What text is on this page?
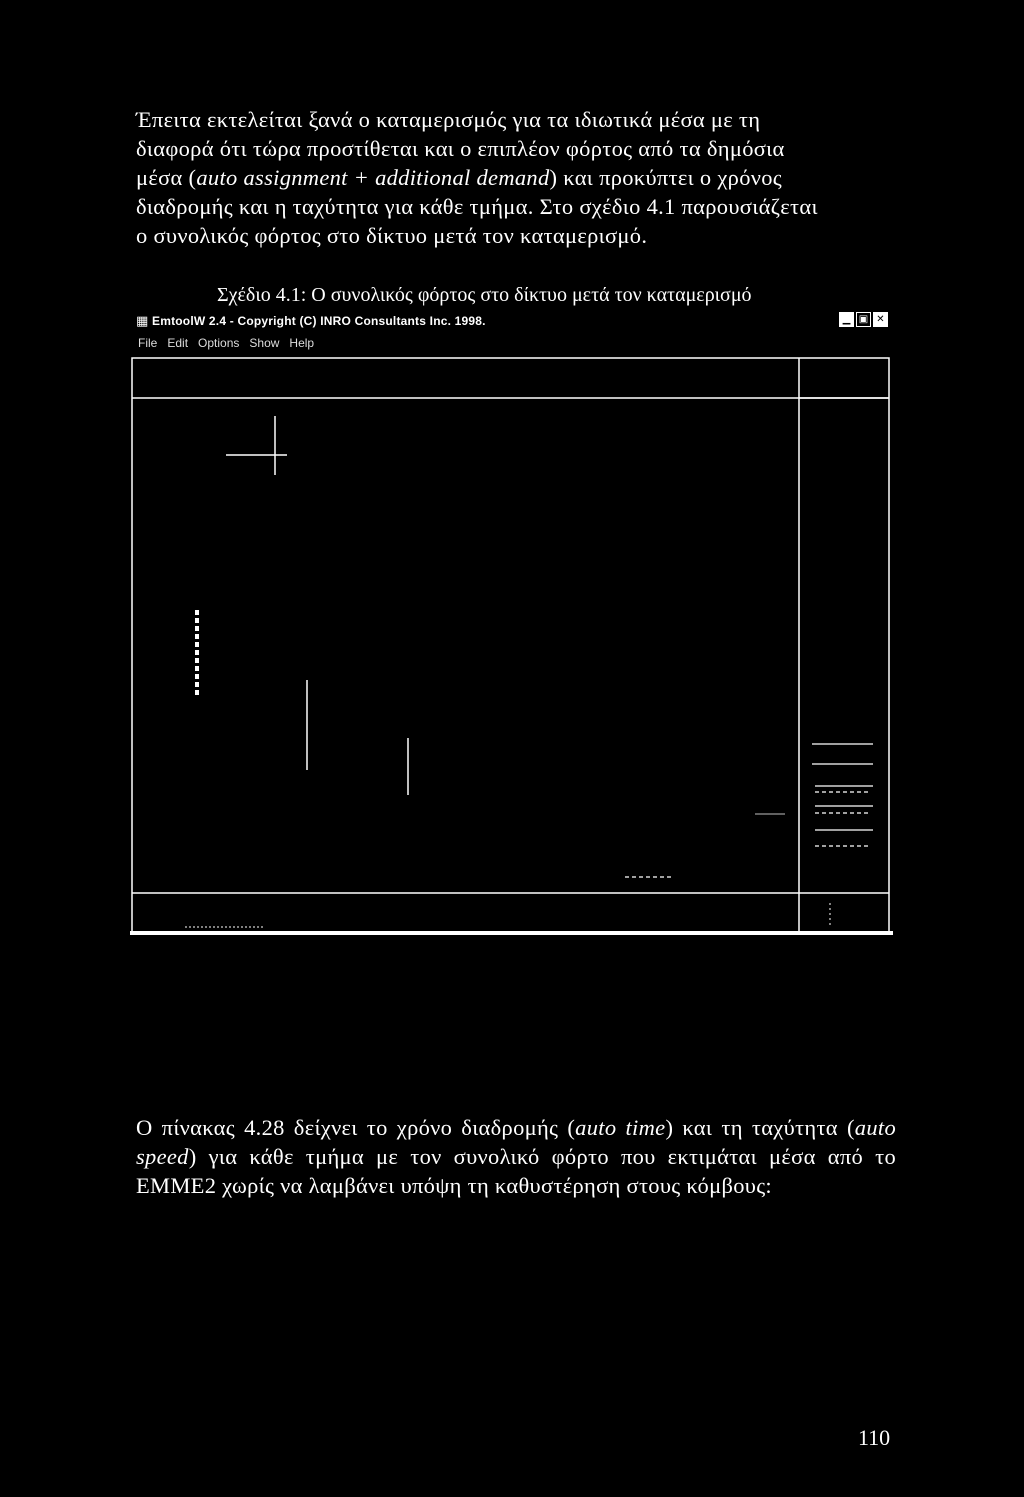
Έπειτα εκτελείται ξανά ο καταμερισμός για τα ιδιωτικά μέσα με τη

διαφορά ότι τώρα προστίθεται και ο επιπλέον φόρτος από τα δημόσια

μέσα (auto assignment + additional demand) και προκύπτει ο χρόνος

διαδρομής και η ταχύτητα για κάθε τμήμα. Στο σχέδιο 4.1 παρουσιάζεται

ο συνολικός φόρτος στο δίκτυο μετά τον καταμερισμό.

Σχέδιο 4.1: Ο συνολικός φόρτος στο δίκτυο μετά τον καταμερισμό
▦ EmtoolW 2.4 - Copyright (C) INRO Consultants Inc. 1998.	▁ ▣ ✕
File Edit Options Show Help
Ο πίνακας 4.28 δείχνει το χρόνο διαδρομής (auto time) και τη ταχύτητα (auto speed) για κάθε τμήμα με τον συνολικό φόρτο που εκτιμάται μέσα από το ΕΜΜΕ2 χωρίς να λαμβάνει υπόψη τη καθυστέρηση στους κόμβους:
110
